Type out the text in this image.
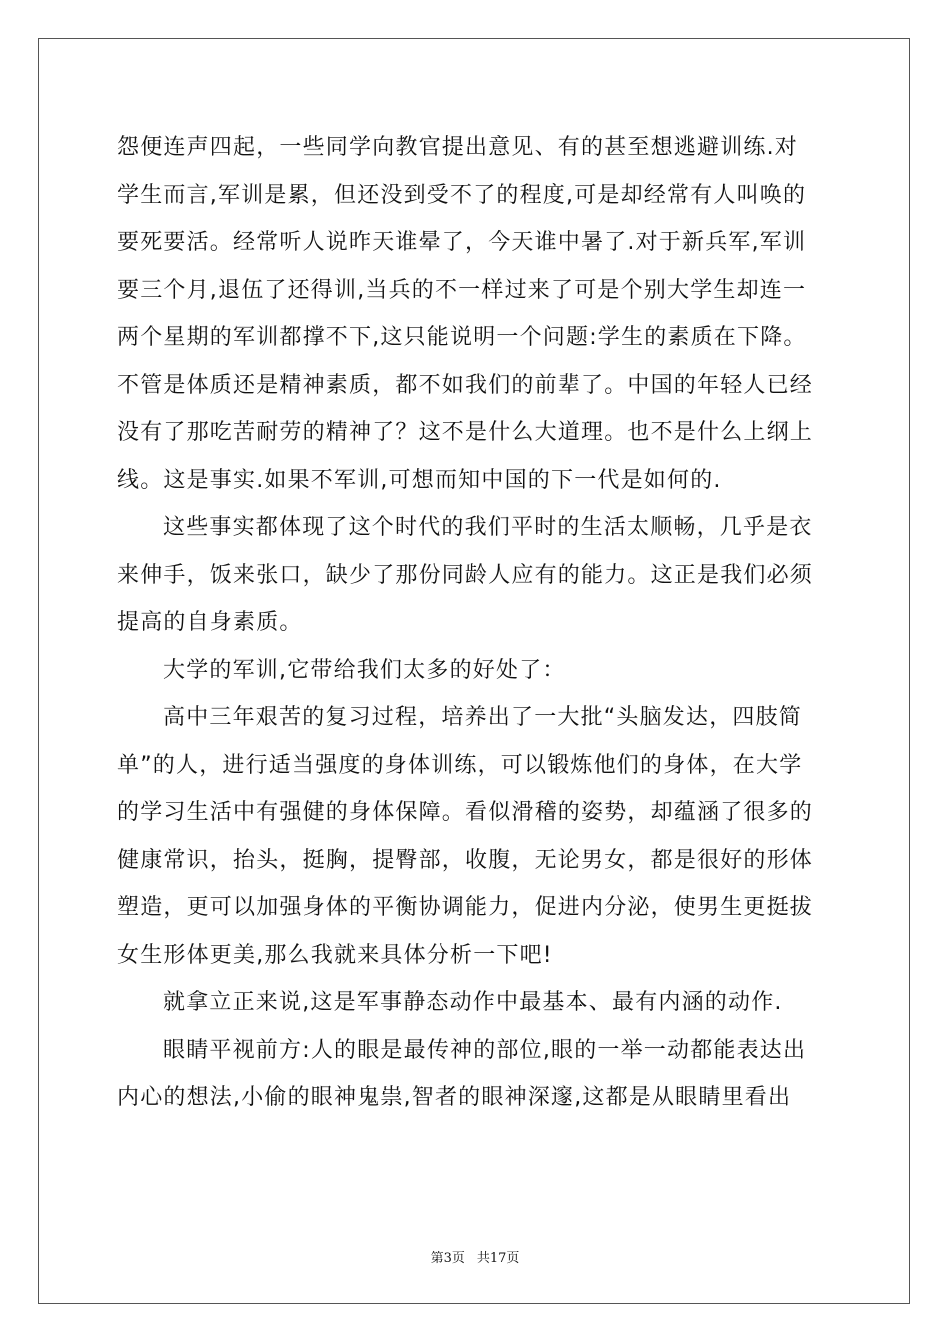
怨便连声四起，一些同学向教官提出意见、有的甚至想逃避训练.对
学生而言,军训是累，但还没到受不了的程度,可是却经常有人叫唤的
要死要活。经常听人说昨天谁晕了，今天谁中暑了.对于新兵军,军训
要三个月,退伍了还得训,当兵的不一样过来了可是个别大学生却连一
两个星期的军训都撑不下,这只能说明一个问题:学生的素质在下降。
不管是体质还是精神素质，都不如我们的前辈了。中国的年轻人已经
没有了那吃苦耐劳的精神了？这不是什么大道理。也不是什么上纲上
线。这是事实.如果不军训,可想而知中国的下一代是如何的.
这些事实都体现了这个时代的我们平时的生活太顺畅，几乎是衣
来伸手，饭来张口，缺少了那份同龄人应有的能力。这正是我们必须
提高的自身素质。
大学的军训,它带给我们太多的好处了：
高中三年艰苦的复习过程，培养出了一大批“头脑发达，四肢简
单”的人，进行适当强度的身体训练，可以锻炼他们的身体，在大学
的学习生活中有强健的身体保障。看似滑稽的姿势，却蕴涵了很多的
健康常识，抬头，挺胸，提臀部，收腹，无论男女，都是很好的形体
塑造，更可以加强身体的平衡协调能力，促进内分泌，使男生更挺拔
女生形体更美,那么我就来具体分析一下吧!
就拿立正来说,这是军事静态动作中最基本、最有内涵的动作.
眼睛平视前方:人的眼是最传神的部位,眼的一举一动都能表达出
内心的想法,小偷的眼神鬼祟,智者的眼神深邃,这都是从眼睛里看出
第3页 共17页
